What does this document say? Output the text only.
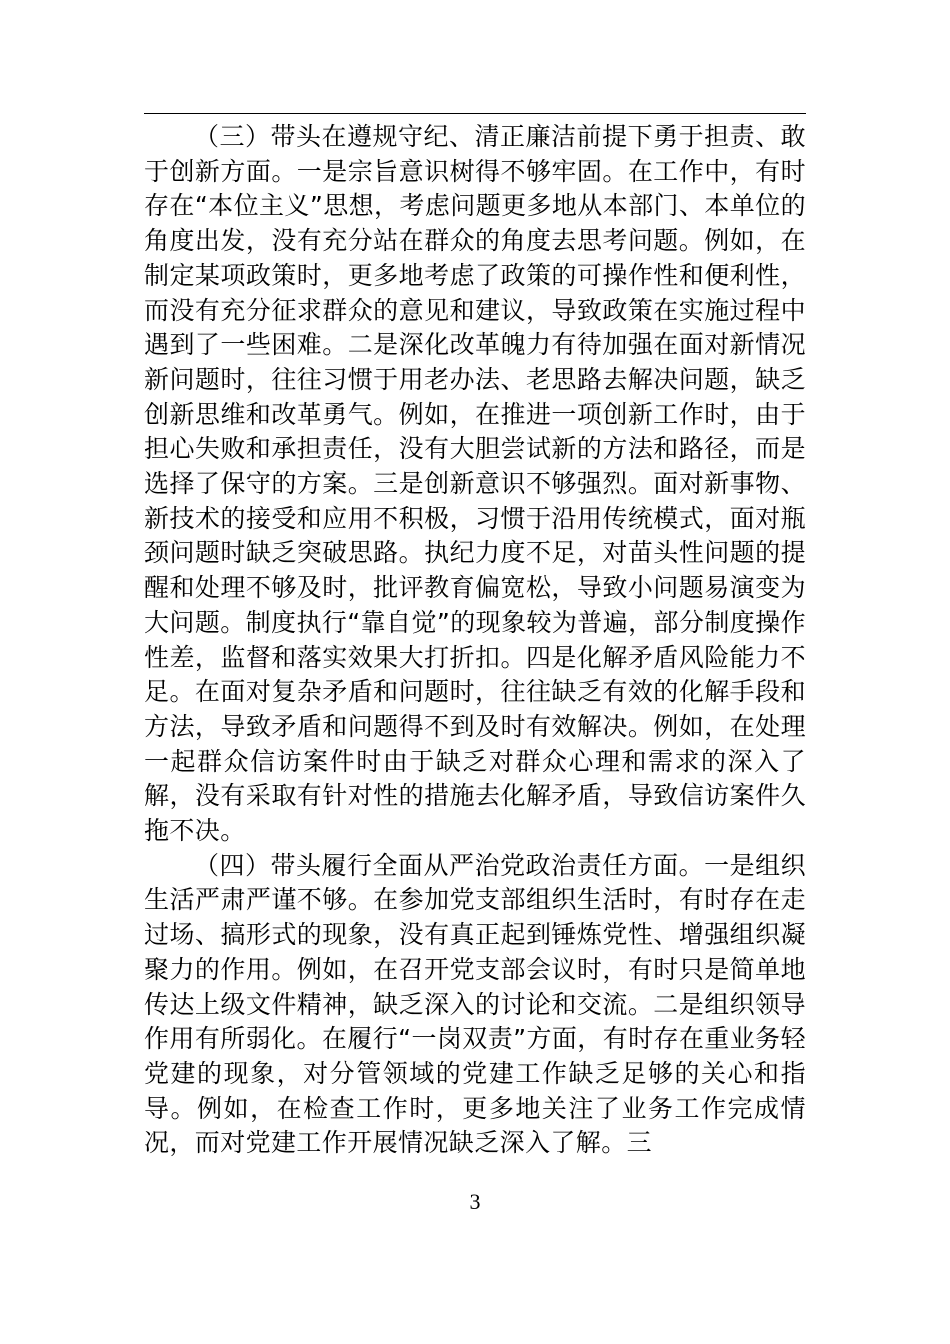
（三）带头在遵规守纪、清正廉洁前提下勇于担责、敢于创新方面。一是宗旨意识树得不够牢固。在工作中，有时存在“本位主义”思想，考虑问题更多地从本部门、本单位的角度出发，没有充分站在群众的角度去思考问题。例如，在制定某项政策时，更多地考虑了政策的可操作性和便利性，而没有充分征求群众的意见和建议，导致政策在实施过程中遇到了一些困难。二是深化改革魄力有待加强在面对新情况新问题时，往往习惯于用老办法、老思路去解决问题，缺乏创新思维和改革勇气。例如，在推进一项创新工作时，由于担心失败和承担责任，没有大胆尝试新的方法和路径，而是选择了保守的方案。三是创新意识不够强烈。面对新事物、新技术的接受和应用不积极，习惯于沿用传统模式，面对瓶颈问题时缺乏突破思路。执纪力度不足，对苗头性问题的提醒和处理不够及时，批评教育偏宽松，导致小问题易演变为大问题。制度执行“靠自觉”的现象较为普遍，部分制度操作性差，监督和落实效果大打折扣。四是化解矛盾风险能力不足。在面对复杂矛盾和问题时，往往缺乏有效的化解手段和方法，导致矛盾和问题得不到及时有效解决。例如，在处理一起群众信访案件时由于缺乏对群众心理和需求的深入了解，没有采取有针对性的措施去化解矛盾，导致信访案件久拖不决。

（四）带头履行全面从严治党政治责任方面。一是组织生活严肃严谨不够。在参加党支部组织生活时，有时存在走过场、搞形式的现象，没有真正起到锤炼党性、增强组织凝聚力的作用。例如，在召开党支部会议时，有时只是简单地传达上级文件精神，缺乏深入的讨论和交流。二是组织领导作用有所弱化。在履行“一岗双责”方面，有时存在重业务轻党建的现象，对分管领域的党建工作缺乏足够的关心和指导。例如，在检查工作时，更多地关注了业务工作完成情况，而对党建工作开展情况缺乏深入了解。三

3
